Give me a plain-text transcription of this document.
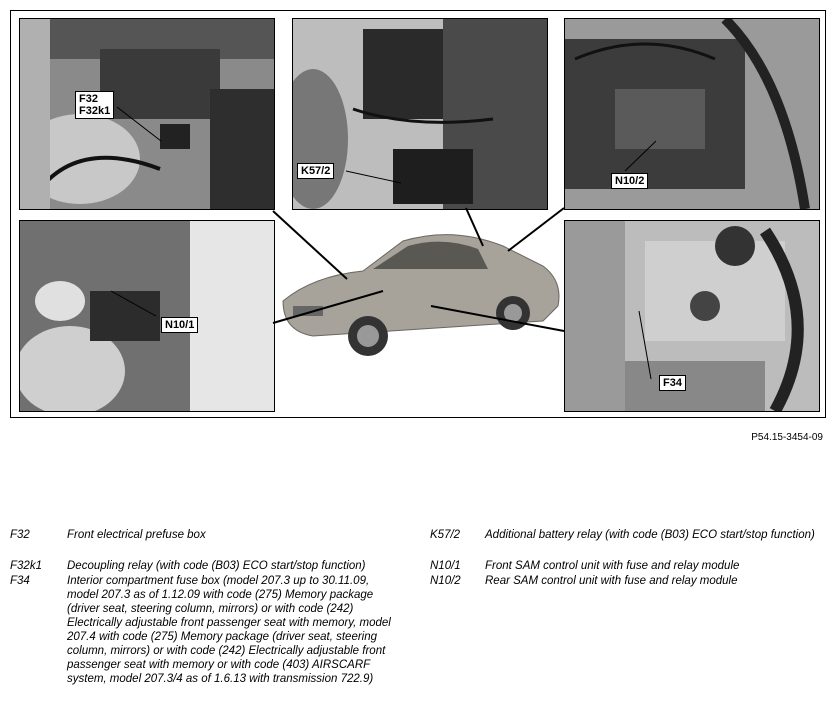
F32
F32k1
K57/2
N10/2
N10/1
F34
P54.15-3454-09
F32	Front electrical prefuse box
F32k1 Decoupling relay (with code (B03) ECO start/stop function)
F34	Interior compartment fuse box (model 207.3 up to 30.11.09, model 207.3 as of 1.12.09 with code (275) Memory package (driver seat, steering column, mirrors) or with code (242) Electrically adjustable front passenger seat with memory, model 207.4 with code (275) Memory package (driver seat, steering column, mirrors) or with code (242) Electrically adjustable front passenger seat with memory or with code (403) AIRSCARF system, model 207.3/4 as of 1.6.13 with transmission 722.9)
K57/2 Additional battery relay (with code (B03) ECO start/stop function)
N10/1 Front SAM control unit with fuse and relay module
N10/2 Rear SAM control unit with fuse and relay module
